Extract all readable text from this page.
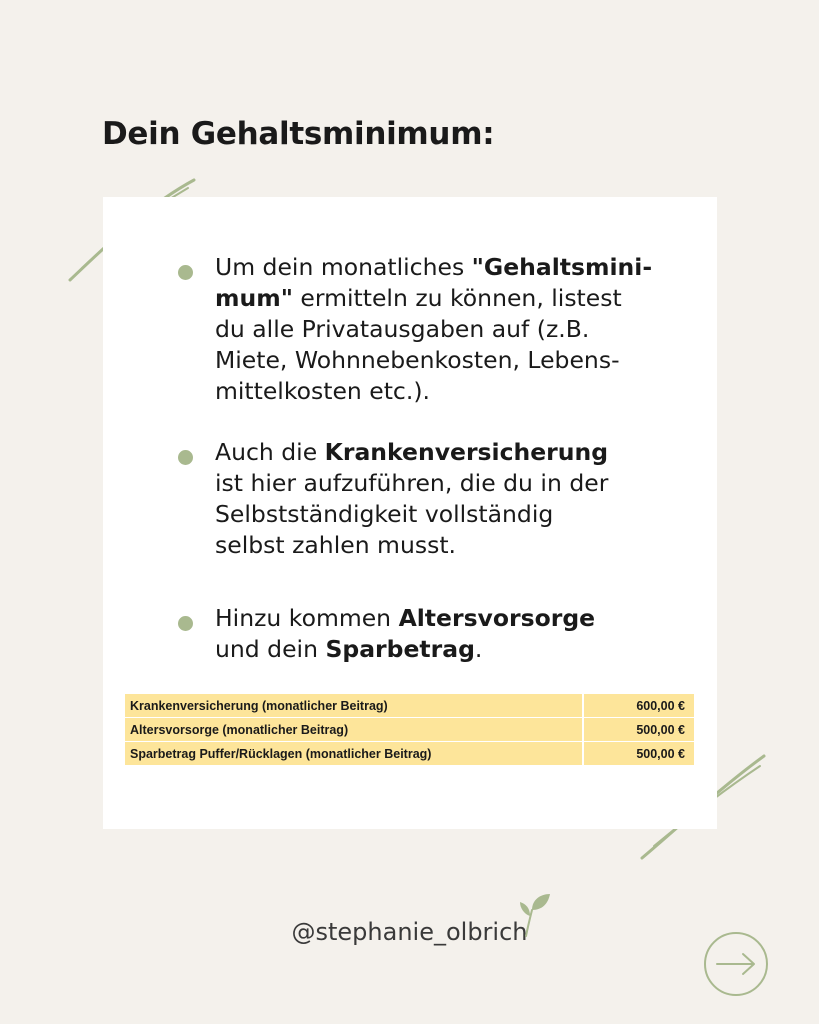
Dein Gehaltsminimum:
Um dein monatliches "Gehaltsmini-
mum" ermitteln zu können, listest
du alle Privatausgaben auf (z.B.
Miete, Wohnnebenkosten, Lebens-
mittelkosten etc.).
Auch die Krankenversicherung
ist hier aufzuführen, die du in der
Selbstständigkeit vollständig
selbst zahlen musst.
Hinzu kommen Altersvorsorge
und dein Sparbetrag.
Krankenversicherung (monatlicher Beitrag)	600,00 €
Altersvorsorge (monatlicher Beitrag)	500,00 €
Sparbetrag Puffer/Rücklagen (monatlicher Beitrag)	500,00 €
@stephanie_olbrich
